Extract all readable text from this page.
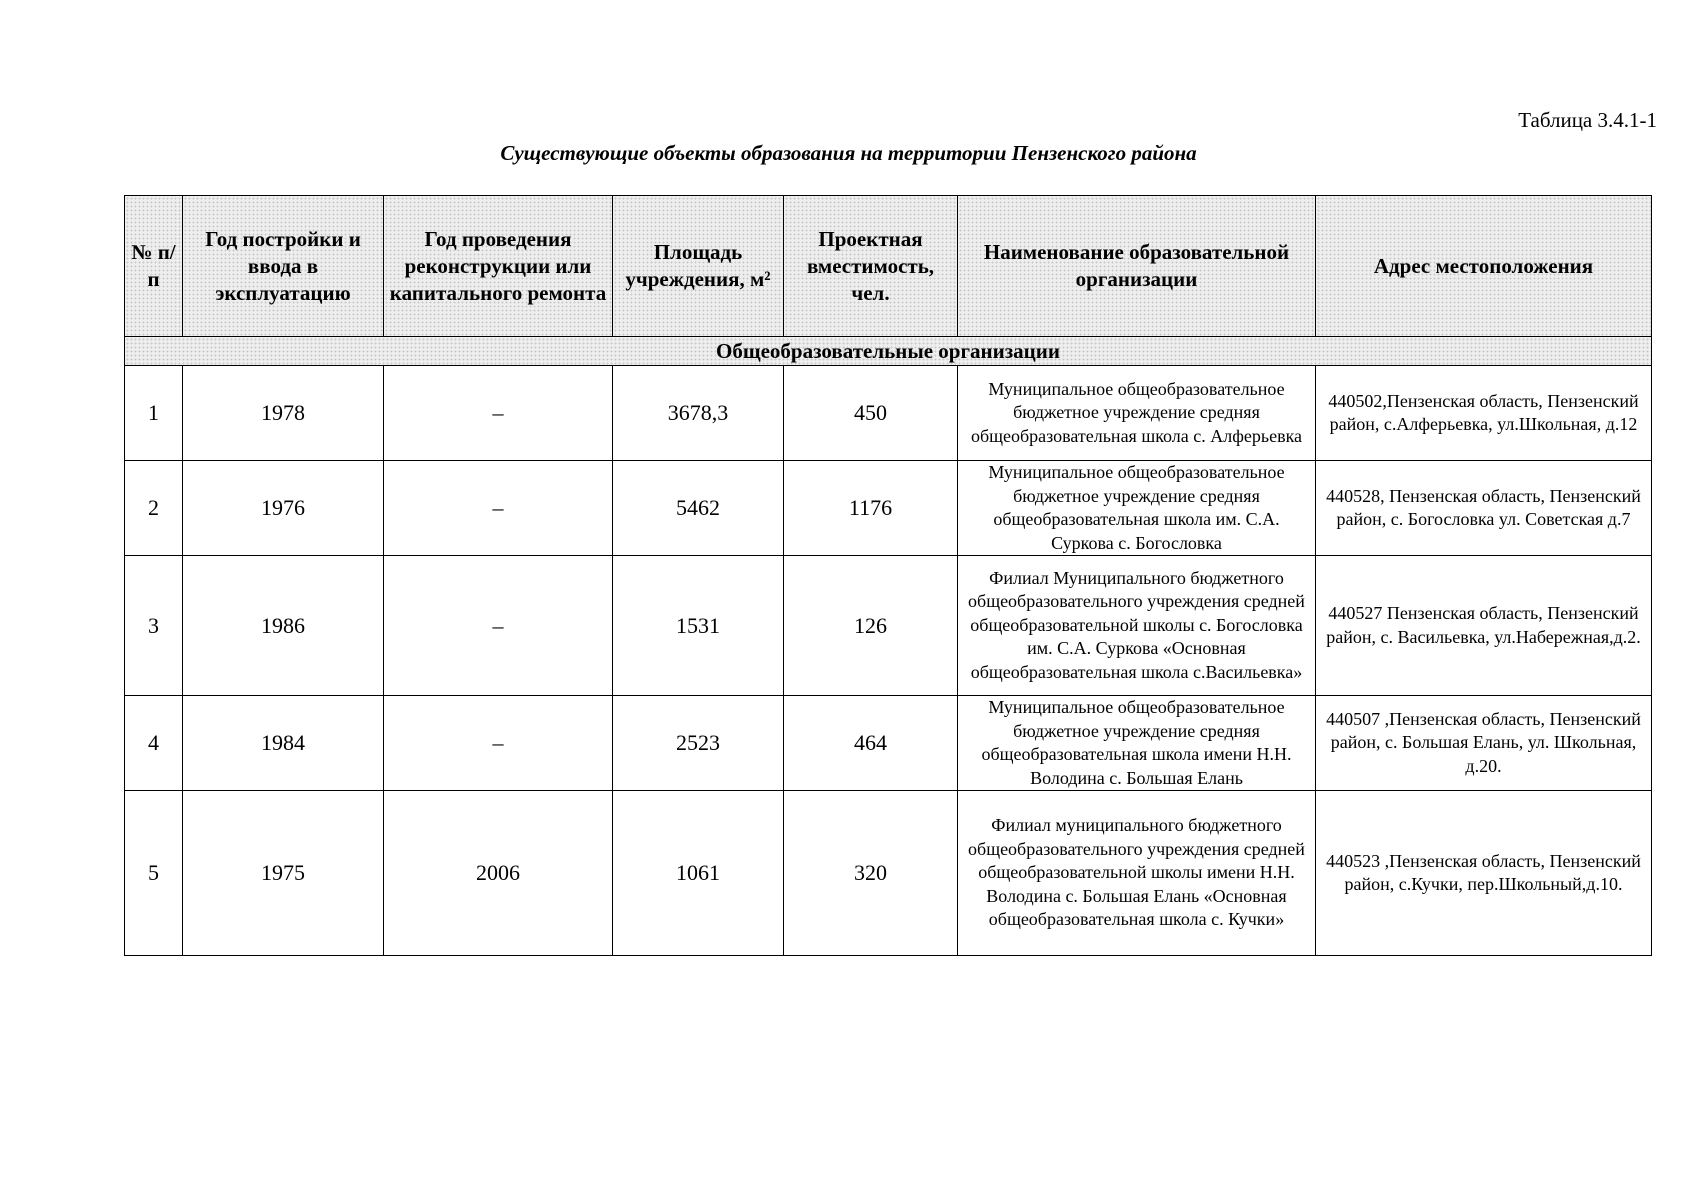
Таблица 3.4.1-1
Существующие объекты образования на территории Пензенского района
№ п/п	Год постройки и ввода в эксплуатацию	Год проведения реконструкции или капитального ремонта	Площадь учреждения, м²	Проектная вместимость, чел.	Наименование образовательной организации	Адрес местоположения
Общеобразовательные организации						
1	1978	–	3678,3	450	Муниципальное общеобразовательное бюджетное учреждение средняя общеобразовательная школа с. Алферьевка	440502,Пензенская область, Пензенский район, с.Алферьевка, ул.Школьная, д.12
2	1976	–	5462	1176	Муниципальное общеобразовательное бюджетное учреждение средняя общеобразовательная школа им. С.А. Суркова с. Богословка	440528, Пензенская область, Пензенский район, с. Богословка ул. Советская д.7
3	1986	–	1531	126	Филиал Муниципального бюджетного общеобразовательного учреждения средней общеобразовательной школы с. Богословка им. С.А. Суркова «Основная общеобразовательная школа с.Васильевка»	440527 Пензенская область, Пензенский район, с. Васильевка, ул.Набережная,д.2.
4	1984	–	2523	464	Муниципальное общеобразовательное бюджетное учреждение средняя общеобразовательная школа имени Н.Н. Володина с. Большая Елань	440507 ,Пензенская область, Пензенский район, с. Большая Елань, ул. Школьная, д.20.
5	1975	2006	1061	320	Филиал муниципального бюджетного общеобразовательного учреждения средней общеобразовательной школы имени Н.Н. Володина с. Большая Елань «Основная общеобразовательная школа с. Кучки»	440523 ,Пензенская область, Пензенский район, с.Кучки, пер.Школьный,д.10.
